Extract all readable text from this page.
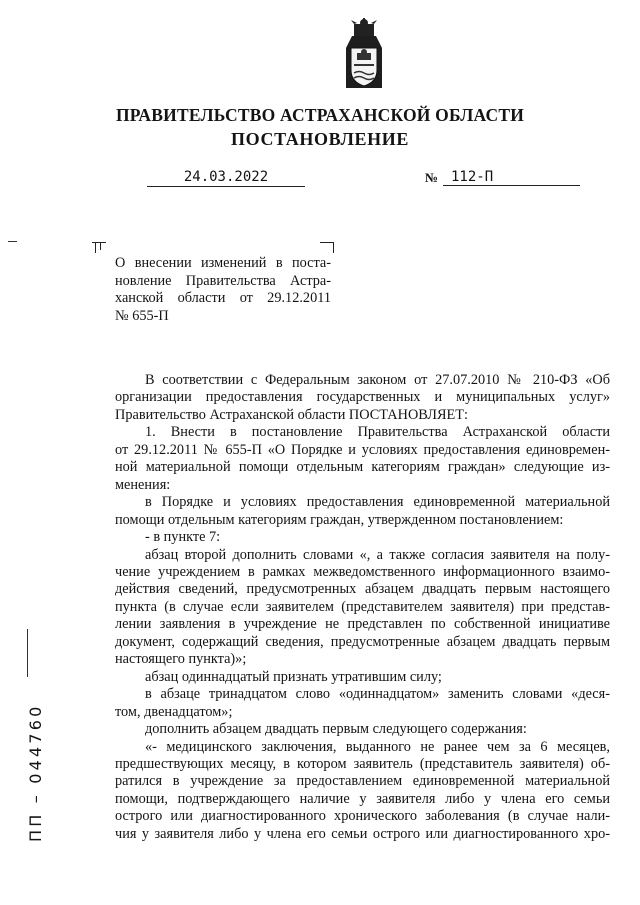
ПРАВИТЕЛЬСТВО АСТРАХАНСКОЙ ОБЛАСТИ
ПОСТАНОВЛЕНИЕ
24.03.2022	№ 112-П

О внесении изменений в поста-

новление Правительства Астра-

ханской области от 29.12.2011

№ 655-П

В соответствии с Федеральным законом от 27.07.2010 № 210-ФЗ «Об

организации предоставления государственных и муниципальных услуг»

Правительство Астраханской области ПОСТАНОВЛЯЕТ:

1. Внести в постановление Правительства Астраханской области

от 29.12.2011 № 655-П «О Порядке и условиях предоставления единовремен-

ной материальной помощи отдельным категориям граждан» следующие из-

менения:

в Порядке и условиях предоставления единовременной материальной

помощи отдельным категориям граждан, утвержденном постановлением:

- в пункте 7:

абзац второй дополнить словами «, а также согласия заявителя на полу-

чение учреждением в рамках межведомственного информационного взаимо-

действия сведений, предусмотренных абзацем двадцать первым настоящего

пункта (в случае если заявителем (представителем заявителя) при представ-

лении заявления в учреждение не представлен по собственной инициативе

документ, содержащий сведения, предусмотренные абзацем двадцать первым

настоящего пункта)»;

абзац одиннадцатый признать утратившим силу;

в абзаце тринадцатом слово «одиннадцатом» заменить словами «деся-

том, двенадцатом»;

дополнить абзацем двадцать первым следующего содержания:

«- медицинского заключения, выданного не ранее чем за 6 месяцев,

предшествующих месяцу, в котором заявитель (представитель заявителя) об-

ратился в учреждение за предоставлением единовременной материальной

помощи, подтверждающего наличие у заявителя либо у члена его семьи

острого или диагностированного хронического заболевания (в случае нали-

чия у заявителя либо у члена его семьи острого или диагностированного хро-

ПП – 044760
